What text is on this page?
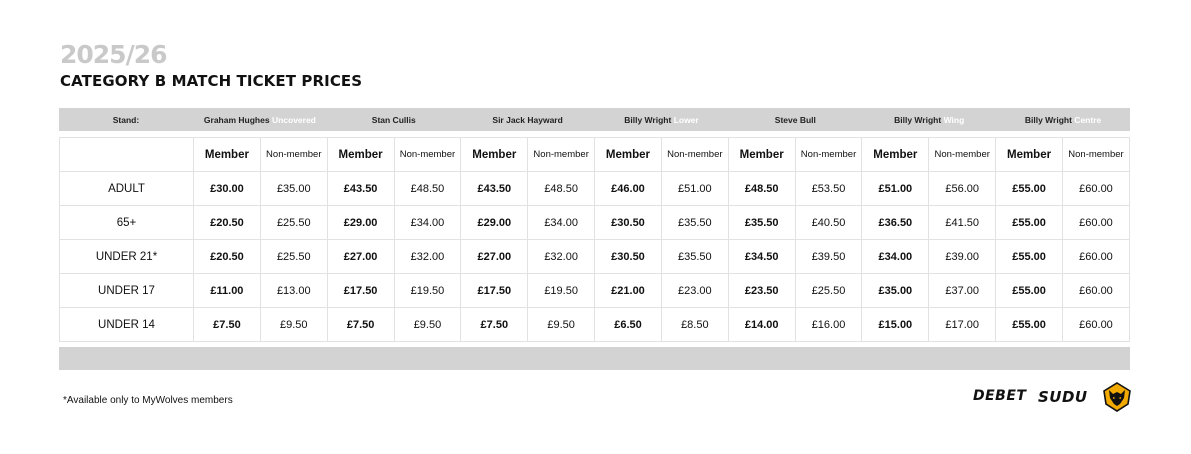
2025/26
CATEGORY B MATCH TICKET PRICES
Stand:	Graham Hughes Uncovered	Stan Cullis	Sir Jack Hayward	Billy Wright Lower	Steve Bull	Billy Wright Wing	Billy Wright Centre
	Member	Non-member	Member	Non-member	Member	Non-member	Member	Non-member	Member	Non-member	Member	Non-member	Member	Non-member
ADULT	£30.00	£35.00	£43.50	£48.50	£43.50	£48.50	£46.00	£51.00	£48.50	£53.50	£51.00	£56.00	£55.00	£60.00
65+	£20.50	£25.50	£29.00	£34.00	£29.00	£34.00	£30.50	£35.50	£35.50	£40.50	£36.50	£41.50	£55.00	£60.00
UNDER 21*	£20.50	£25.50	£27.00	£32.00	£27.00	£32.00	£30.50	£35.50	£34.50	£39.50	£34.00	£39.00	£55.00	£60.00
UNDER 17	£11.00	£13.00	£17.50	£19.50	£17.50	£19.50	£21.00	£23.00	£23.50	£25.50	£35.00	£37.00	£55.00	£60.00
UNDER 14	£7.50	£9.50	£7.50	£9.50	£7.50	£9.50	£6.50	£8.50	£14.00	£16.00	£15.00	£17.00	£55.00	£60.00

*Available only to MyWolves members	DEBET SUDU
